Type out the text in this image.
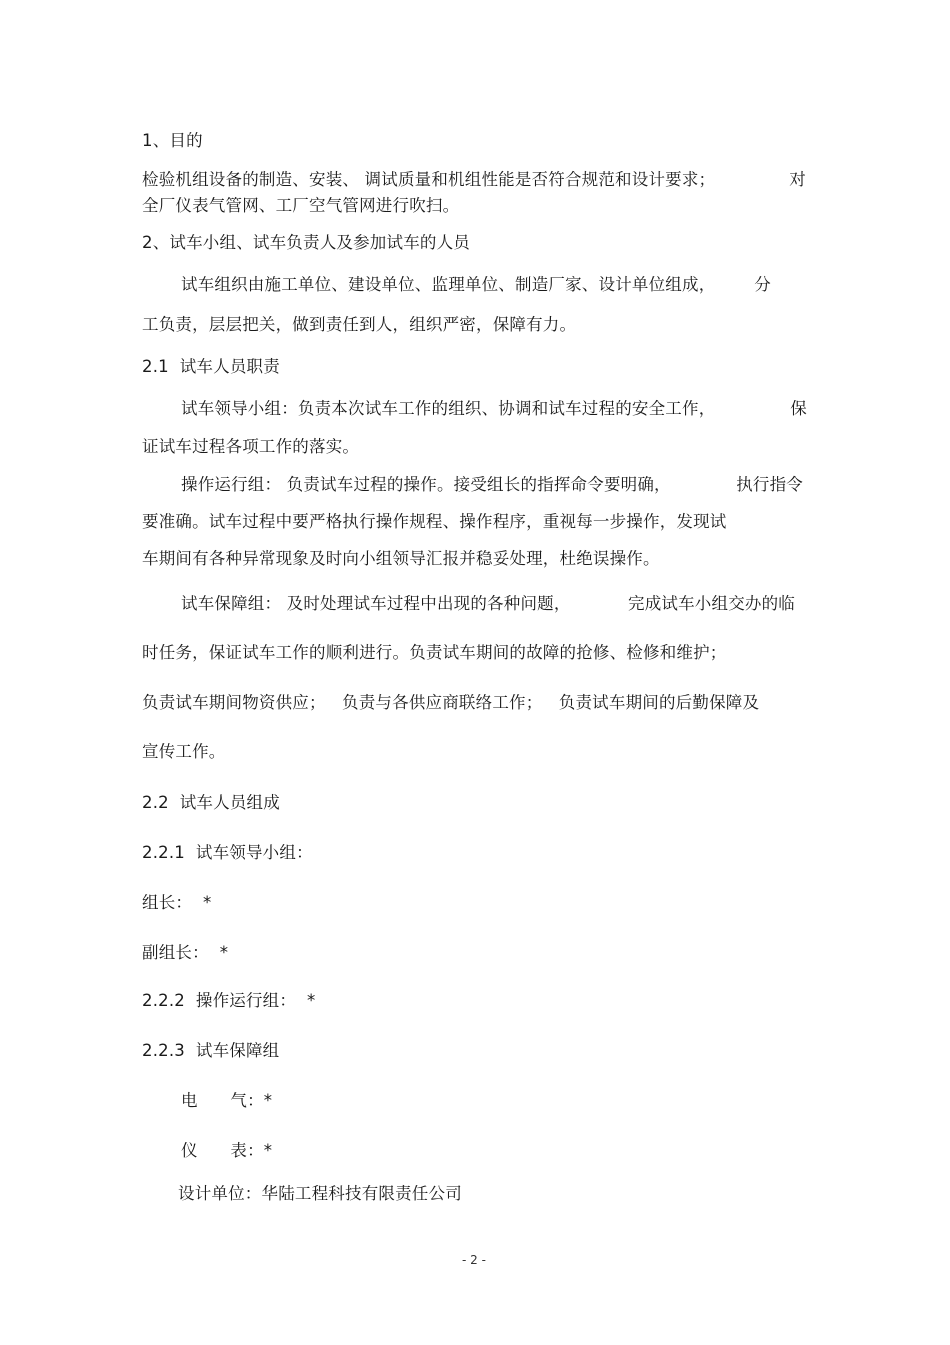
1、目的
检验机组设备的制造、安装、 调试质量和机组性能是否符合规范和设计要求；	对
全厂仪表气管网、工厂空气管网进行吹扫。
2、试车小组、试车负责人及参加试车的人员
试车组织由施工单位、建设单位、监理单位、制造厂家、设计单位组成， 分
工负责，层层把关，做到责任到人，组织严密，保障有力。
2.1  试车人员职责
试车领导小组：负责本次试车工作的组织、协调和试车过程的安全工作，	保
证试车过程各项工作的落实。
操作运行组： 负责试车过程的操作。接受组长的指挥命令要明确，	执行指令
要准确。试车过程中要严格执行操作规程、操作程序，重视每一步操作，发现试
车期间有各种异常现象及时向小组领导汇报并稳妥处理，杜绝误操作。
试车保障组： 及时处理试车过程中出现的各种问题，	完成试车小组交办的临
时任务，保证试车工作的顺利进行。负责试车期间的故障的抢修、检修和维护；
负责试车期间物资供应；   负责与各供应商联络工作；   负责试车期间的后勤保障及
宣传工作。
2.2  试车人员组成
2.2.1  试车领导小组：
组长：  *
副组长：  *
2.2.2  操作运行组：  *
2.2.3  试车保障组
电      气：*
仪      表：*
设计单位：华陆工程科技有限责任公司
- 2 -
